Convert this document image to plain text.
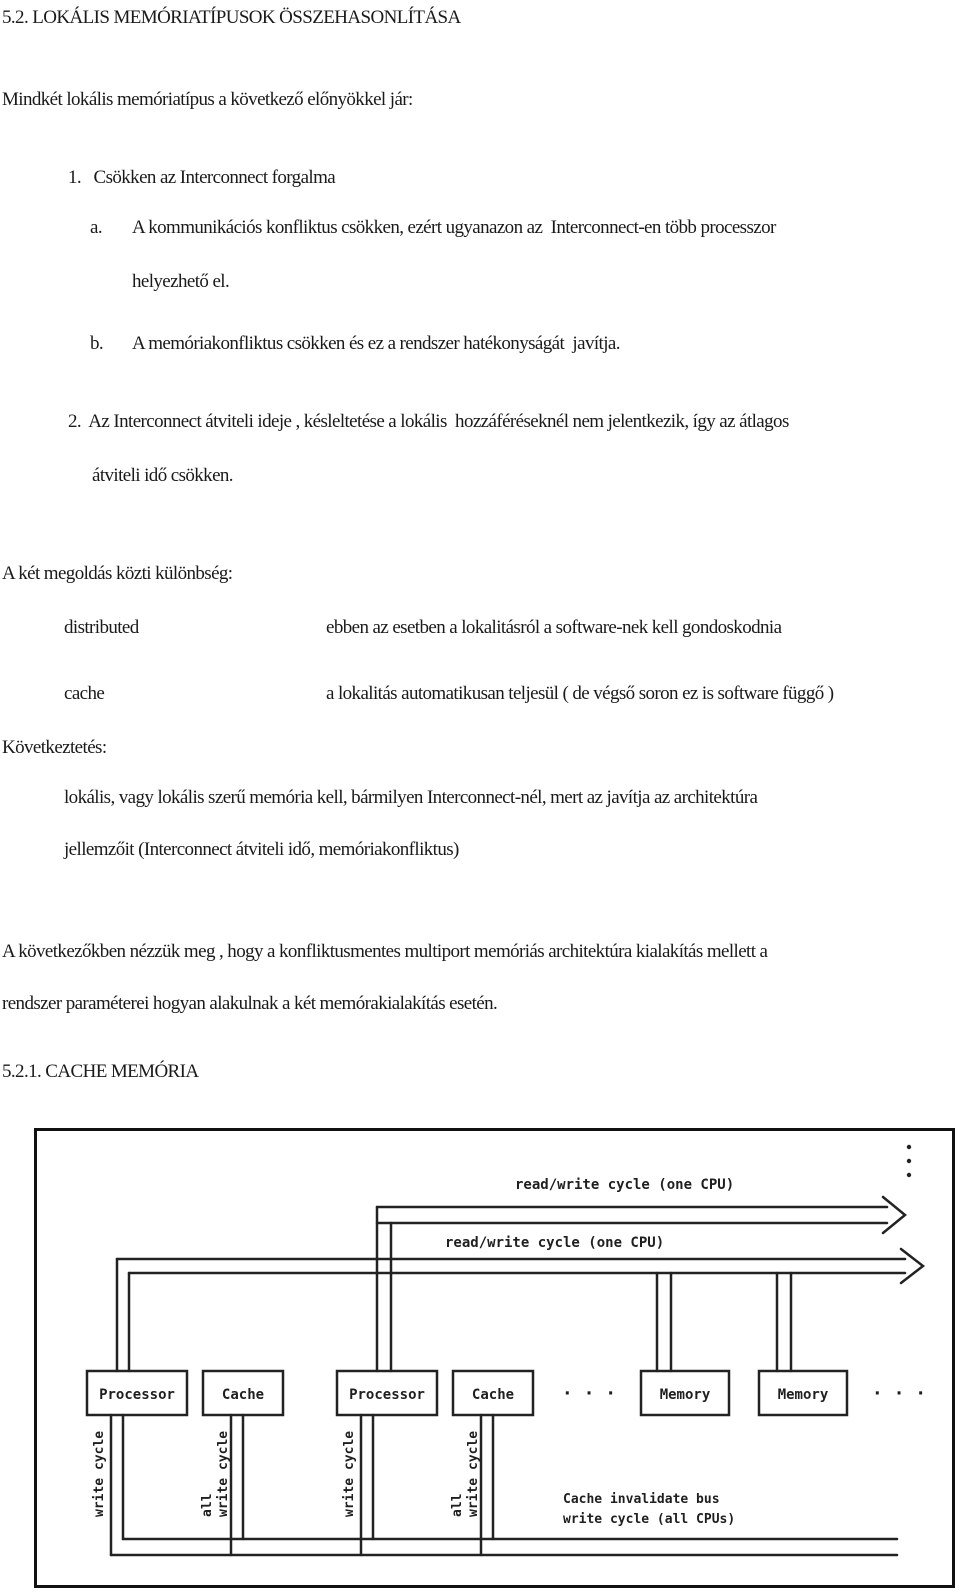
5.2. LOKÁLIS MEMÓRIATÍPUSOK ÖSSZEHASONLÍTÁSA
Mindkét lokális memóriatípus a következő előnyökkel jár:
1.   Csökken az Interconnect forgalma
a. A kommunikációs konfliktus csökken, ezért ugyanazon az  Interconnect-en több processzor
helyezhető el.
b. A memóriakonfliktus csökken és ez a rendszer hatékonyságát  javítja.
2.  Az Interconnect átviteli ideje , késleltetése a lokális  hozzáféréseknél nem jelentkezik, így az átlagos
átviteli idő csökken.
A két megoldás közti különbség:
distributed	ebben az esetben a lokalitásról a software-nek kell gondoskodnia
cache	a lokalitás automatikusan teljesül ( de végső soron ez is software függő )
Következtetés:
lokális, vagy lokális szerű memória kell, bármilyen Interconnect-nél, mert az javítja az architektúra
jellemzőit (Interconnect átviteli idő, memóriakonfliktus)
A következőkben nézzük meg , hogy a konfliktusmentes multiport memóriás architektúra kialakítás mellett a
rendszer paraméterei hogyan alakulnak a két memórakialakítás esetén.
5.2.1. CACHE MEMÓRIA
read/write cycle (one CPU)
read/write cycle (one CPU)
Processor	Cache	Processor	Cache	Memory	Memory
· · ·	· · ·
write cycle	all write cycle	write cycle	all write cycle	Cache invalidate bus
write cycle (all CPUs)
